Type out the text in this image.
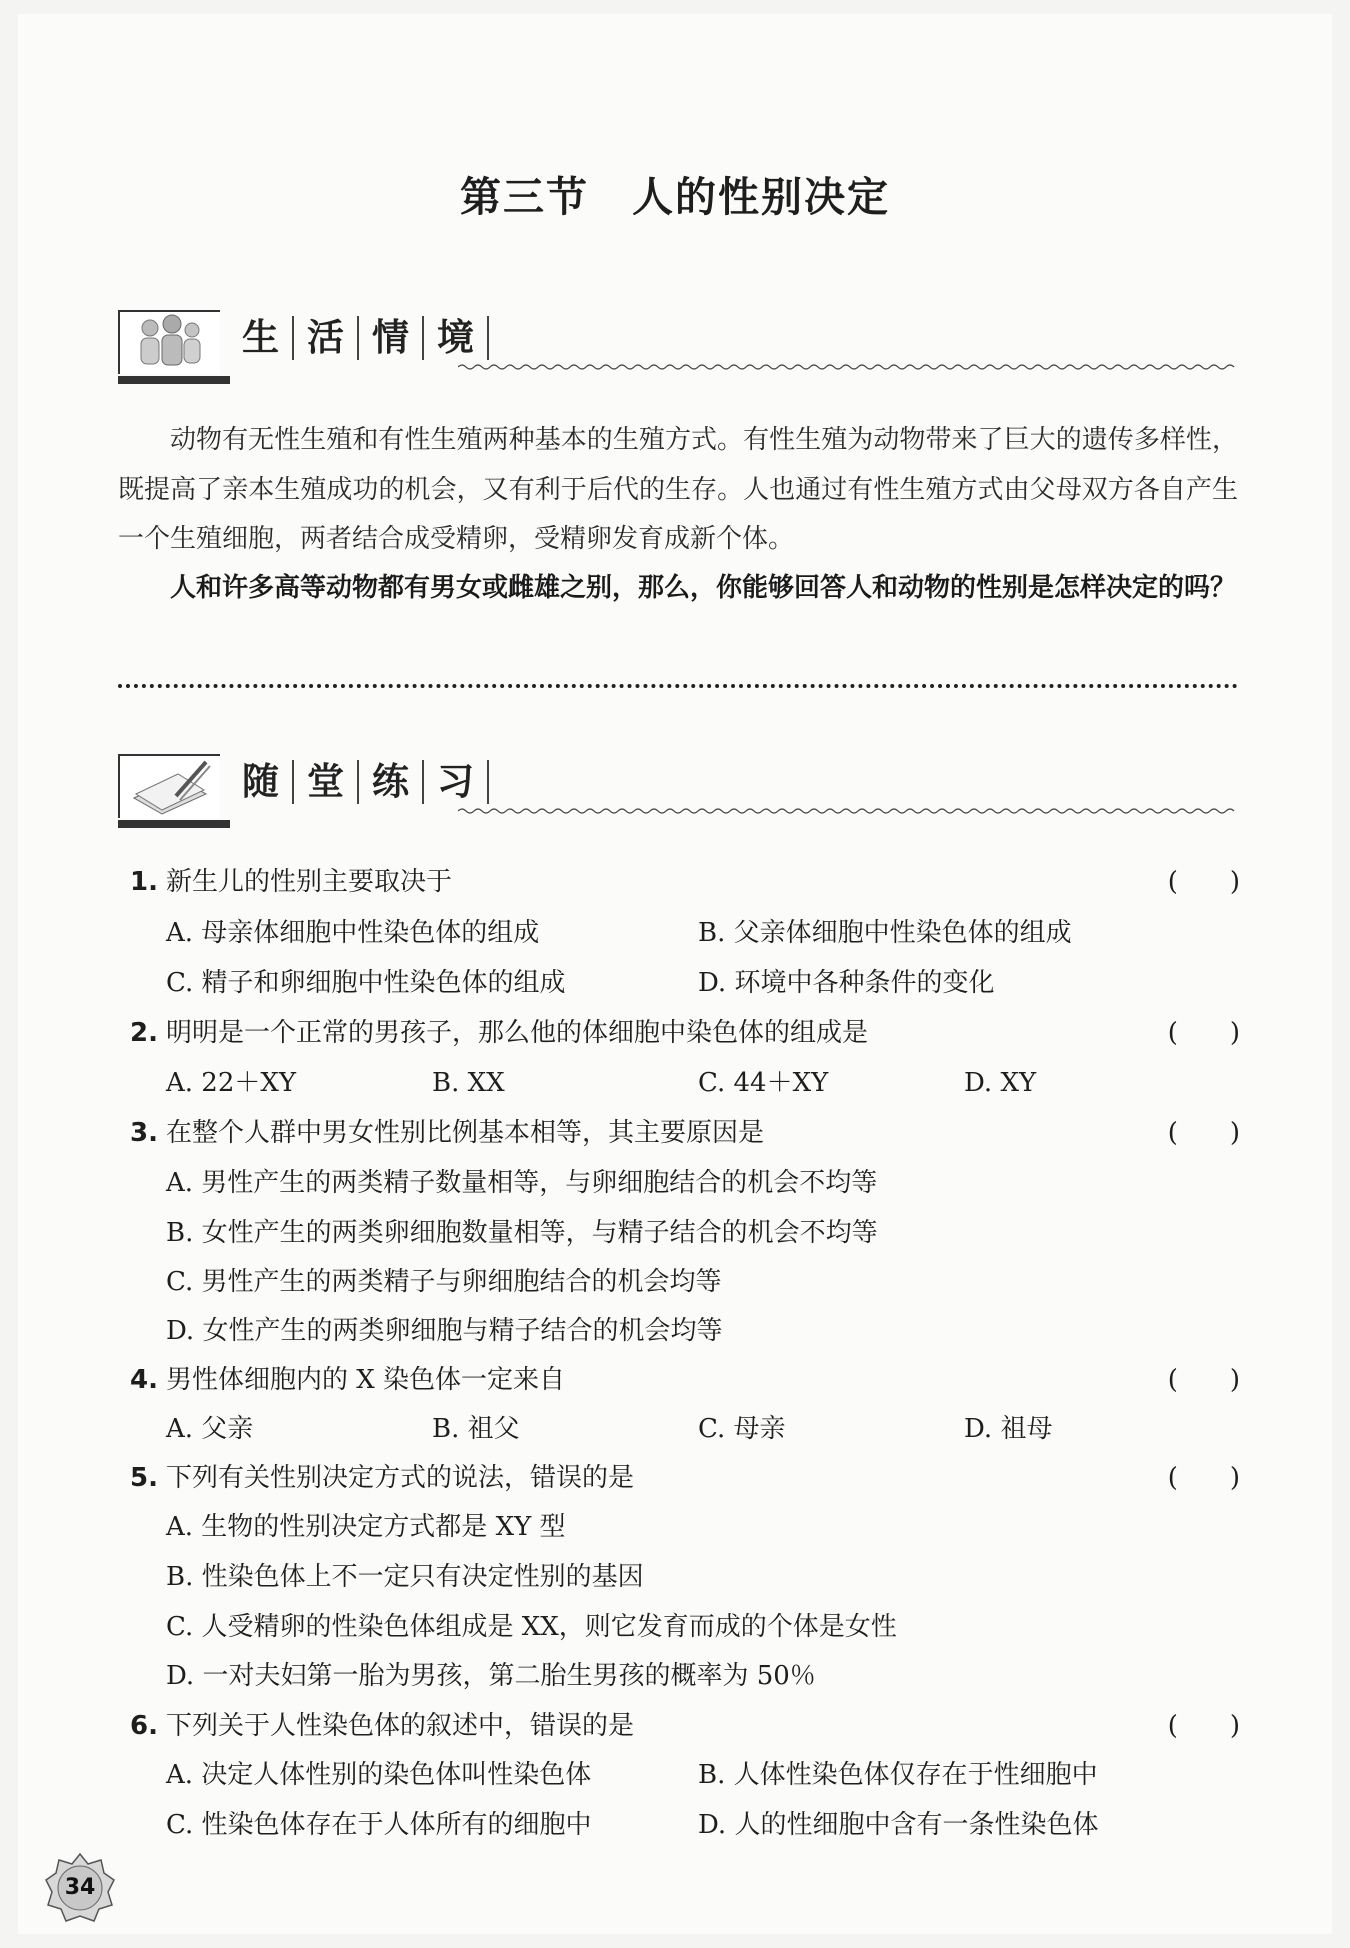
第三节　人的性别决定
生 活 情 境
动物有无性生殖和有性生殖两种基本的生殖方式。有性生殖为动物带来了巨大的遗传多样性，既提高了亲本生殖成功的机会，又有利于后代的生存。人也通过有性生殖方式由父母双方各自产生一个生殖细胞，两者结合成受精卵，受精卵发育成新个体。
人和许多高等动物都有男女或雌雄之别，那么，你能够回答人和动物的性别是怎样决定的吗？
随 堂 练 习
1. 新生儿的性别主要取决于	(　　)
A. 母亲体细胞中性染色体的组成	B. 父亲体细胞中性染色体的组成
C. 精子和卵细胞中性染色体的组成	D. 环境中各种条件的变化
2. 明明是一个正常的男孩子，那么他的体细胞中染色体的组成是	(　　)
A. 22＋XY	B. XX	C. 44＋XY	D. XY
3. 在整个人群中男女性别比例基本相等，其主要原因是	(　　)
A. 男性产生的两类精子数量相等，与卵细胞结合的机会不均等
B. 女性产生的两类卵细胞数量相等，与精子结合的机会不均等
C. 男性产生的两类精子与卵细胞结合的机会均等
D. 女性产生的两类卵细胞与精子结合的机会均等
4. 男性体细胞内的 X 染色体一定来自	(　　)
A. 父亲	B. 祖父	C. 母亲	D. 祖母
5. 下列有关性别决定方式的说法，错误的是	(　　)
A. 生物的性别决定方式都是 XY 型
B. 性染色体上不一定只有决定性别的基因
C. 人受精卵的性染色体组成是 XX，则它发育而成的个体是女性
D. 一对夫妇第一胎为男孩，第二胎生男孩的概率为 50％
6. 下列关于人性染色体的叙述中，错误的是	(　　)
A. 决定人体性别的染色体叫性染色体	B. 人体性染色体仅存在于性细胞中
C. 性染色体存在于人体所有的细胞中	D. 人的性细胞中含有一条性染色体
34
